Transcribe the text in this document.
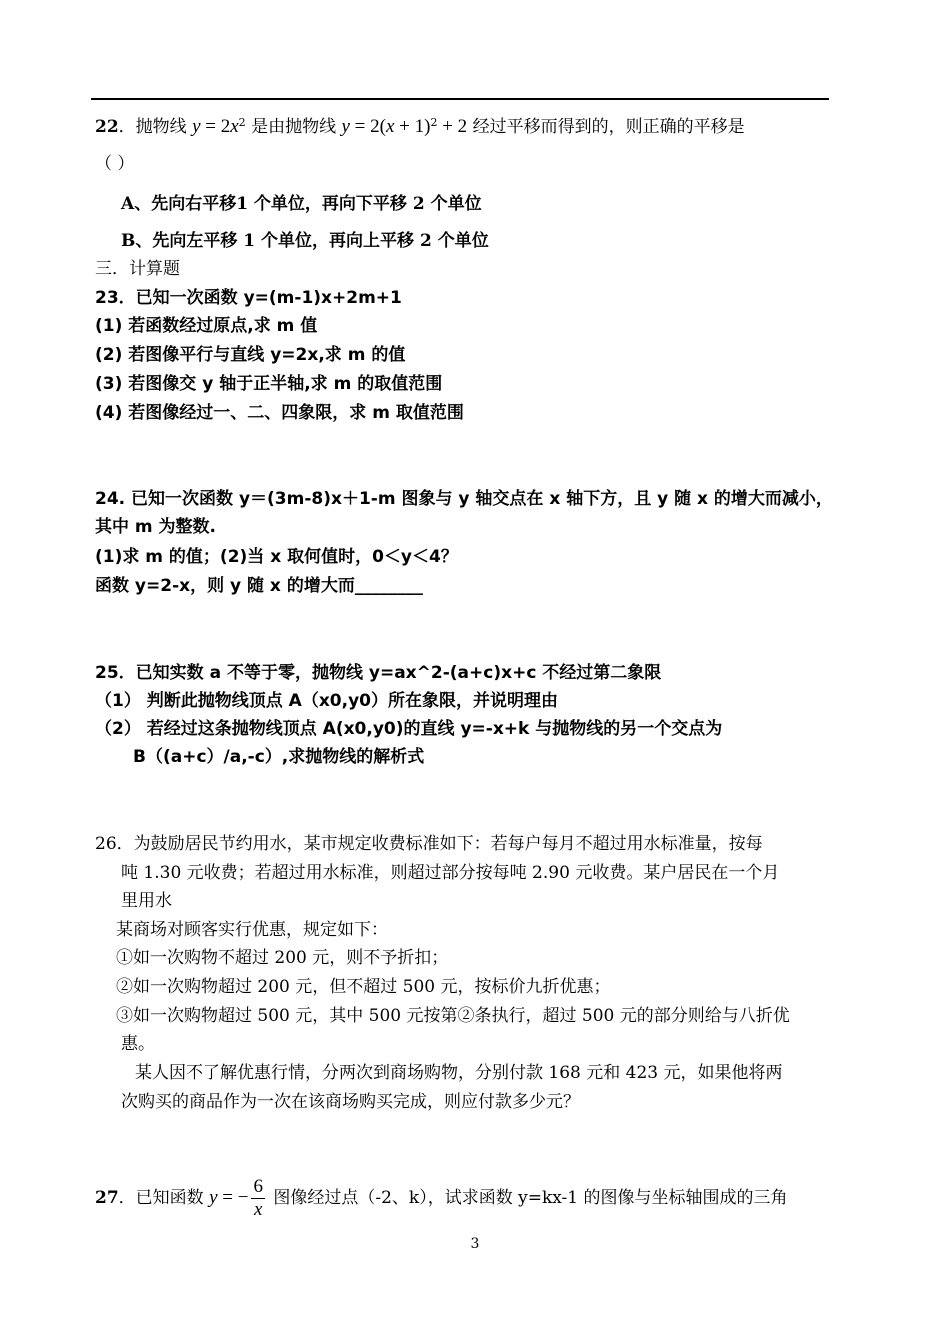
22．抛物线 $y = 2x^2$ 是由抛物线 $y = 2(x + 1)^2 + 2$ 经过平移而得到的，则正确的平移是
（ ）
A、先向右平移1 个单位，再向下平移 2 个单位
B、先向左平移 1 个单位，再向上平移 2 个单位
三．计算题
23．已知一次函数 y=(m-1)x+2m+1
(1) 若函数经过原点,求 m 值
(2) 若图像平行与直线 y=2x,求 m 的值
(3) 若图像交 y 轴于正半轴,求 m 的取值范围
(4) 若图像经过一、二、四象限，求 m 取值范围
24. 已知一次函数 y＝(3m-8)x＋1-m 图象与 y 轴交点在 x 轴下方，且 y 随 x 的增大而减小，
其中 m 为整数.
(1)求 m 的值；(2)当 x 取何值时，0＜y＜4？
函数 y=2-x，则 y 随 x 的增大而________
25．已知实数 a 不等于零，抛物线 y=ax^2-(a+c)x+c 不经过第二象限
（1） 判断此抛物线顶点 A（x0,y0）所在象限，并说明理由
（2） 若经过这条抛物线顶点 A(x0,y0)的直线 y=-x+k 与抛物线的另一个交点为
B（(a+c）/a,-c）,求抛物线的解析式
26．为鼓励居民节约用水，某市规定收费标准如下：若每户每月不超过用水标准量，按每
吨 1.30 元收费；若超过用水标准，则超过部分按每吨 2.90 元收费。某户居民在一个月
里用水
某商场对顾客实行优惠，规定如下：
①如一次购物不超过 200 元，则不予折扣；
②如一次购物超过 200 元，但不超过 500 元，按标价九折优惠；
③如一次购物超过 500 元，其中 500 元按第②条执行，超过 500 元的部分则给与八折优
惠。
某人因不了解优惠行情，分两次到商场购物，分别付款 168 元和 423 元，如果他将两
次购买的商品作为一次在该商场购买完成，则应付款多少元？
27．已知函数 y = − $\frac{6}{x}$ 图像经过点（-2、k），试求函数 y=kx-1 的图像与坐标轴围成的三角
3
